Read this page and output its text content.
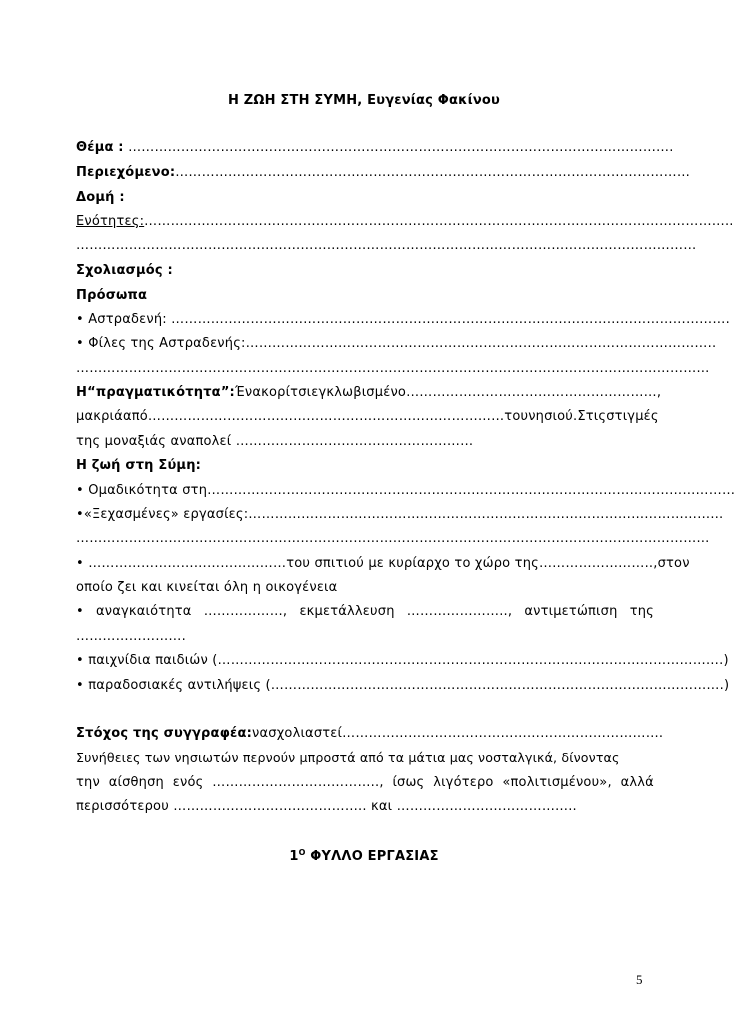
Η ΖΩΗ ΣΤΗ ΣΥΜΗ, Ευγενίας Φακίνου
Θέμα : …………………………………………………………………………………………………………….
Περιεχόμενο:………………………………………………………………………………………………………
Δομή :
Ενότητες:……………………………………………………………………………………………………………………..
……………………………………………………………………………………………………………………………
Σχολιασμός :
Πρόσωπα
• Αστραδενή: ……………………………………………………………………………………………………………….
• Φίλες της Αστραδενής:……………………………………………………………………………………………..
………………………………………………………………………………………………………………………………
Η “πραγματικότητα”: Ένα κορίτσι εγκλωβισμένο …………………………………………………,
μακριά από ………………………………………………………………………του νησιού. Στις στιγμές
της μοναξιάς αναπολεί ………………………………………………
Η ζωή στη Σύμη:
• Ομαδικότητα στη…………………………………………………………………………………………………………
•«Ξεχασμένες» εργασίες:………………………………………………………………………………………………
………………………………………………………………………………………………………………………………
• ……………………………………… του σπιτιού με κυρίαρχο το χώρο της …………………….., στον
οποίο ζει και κινείται όλη η οικογένεια
• αναγκαιότητα ………………, εκμετάλλευση ………………….., αντιμετώπιση της
…………………….
• παιχνίδια παιδιών (…………………………………………………………………………………………………….)
• παραδοσιακές αντιλήψεις (………………………………………………………………………………………….)
Στόχος της συγγραφέα: να σχολιαστεί ……………………………………………………………….
Συνήθειες των νησιωτών περνούν μπροστά από τα μάτια μας νοσταλγικά, δίνοντας
την αίσθηση ενός ……………………………….., ίσως λιγότερο «πολιτισμένου», αλλά
περισσότερου …………………………………….. και …………………………………..
$1^O$ ΦΥΛΛΟ ΕΡΓΑΣΙΑΣ
5
